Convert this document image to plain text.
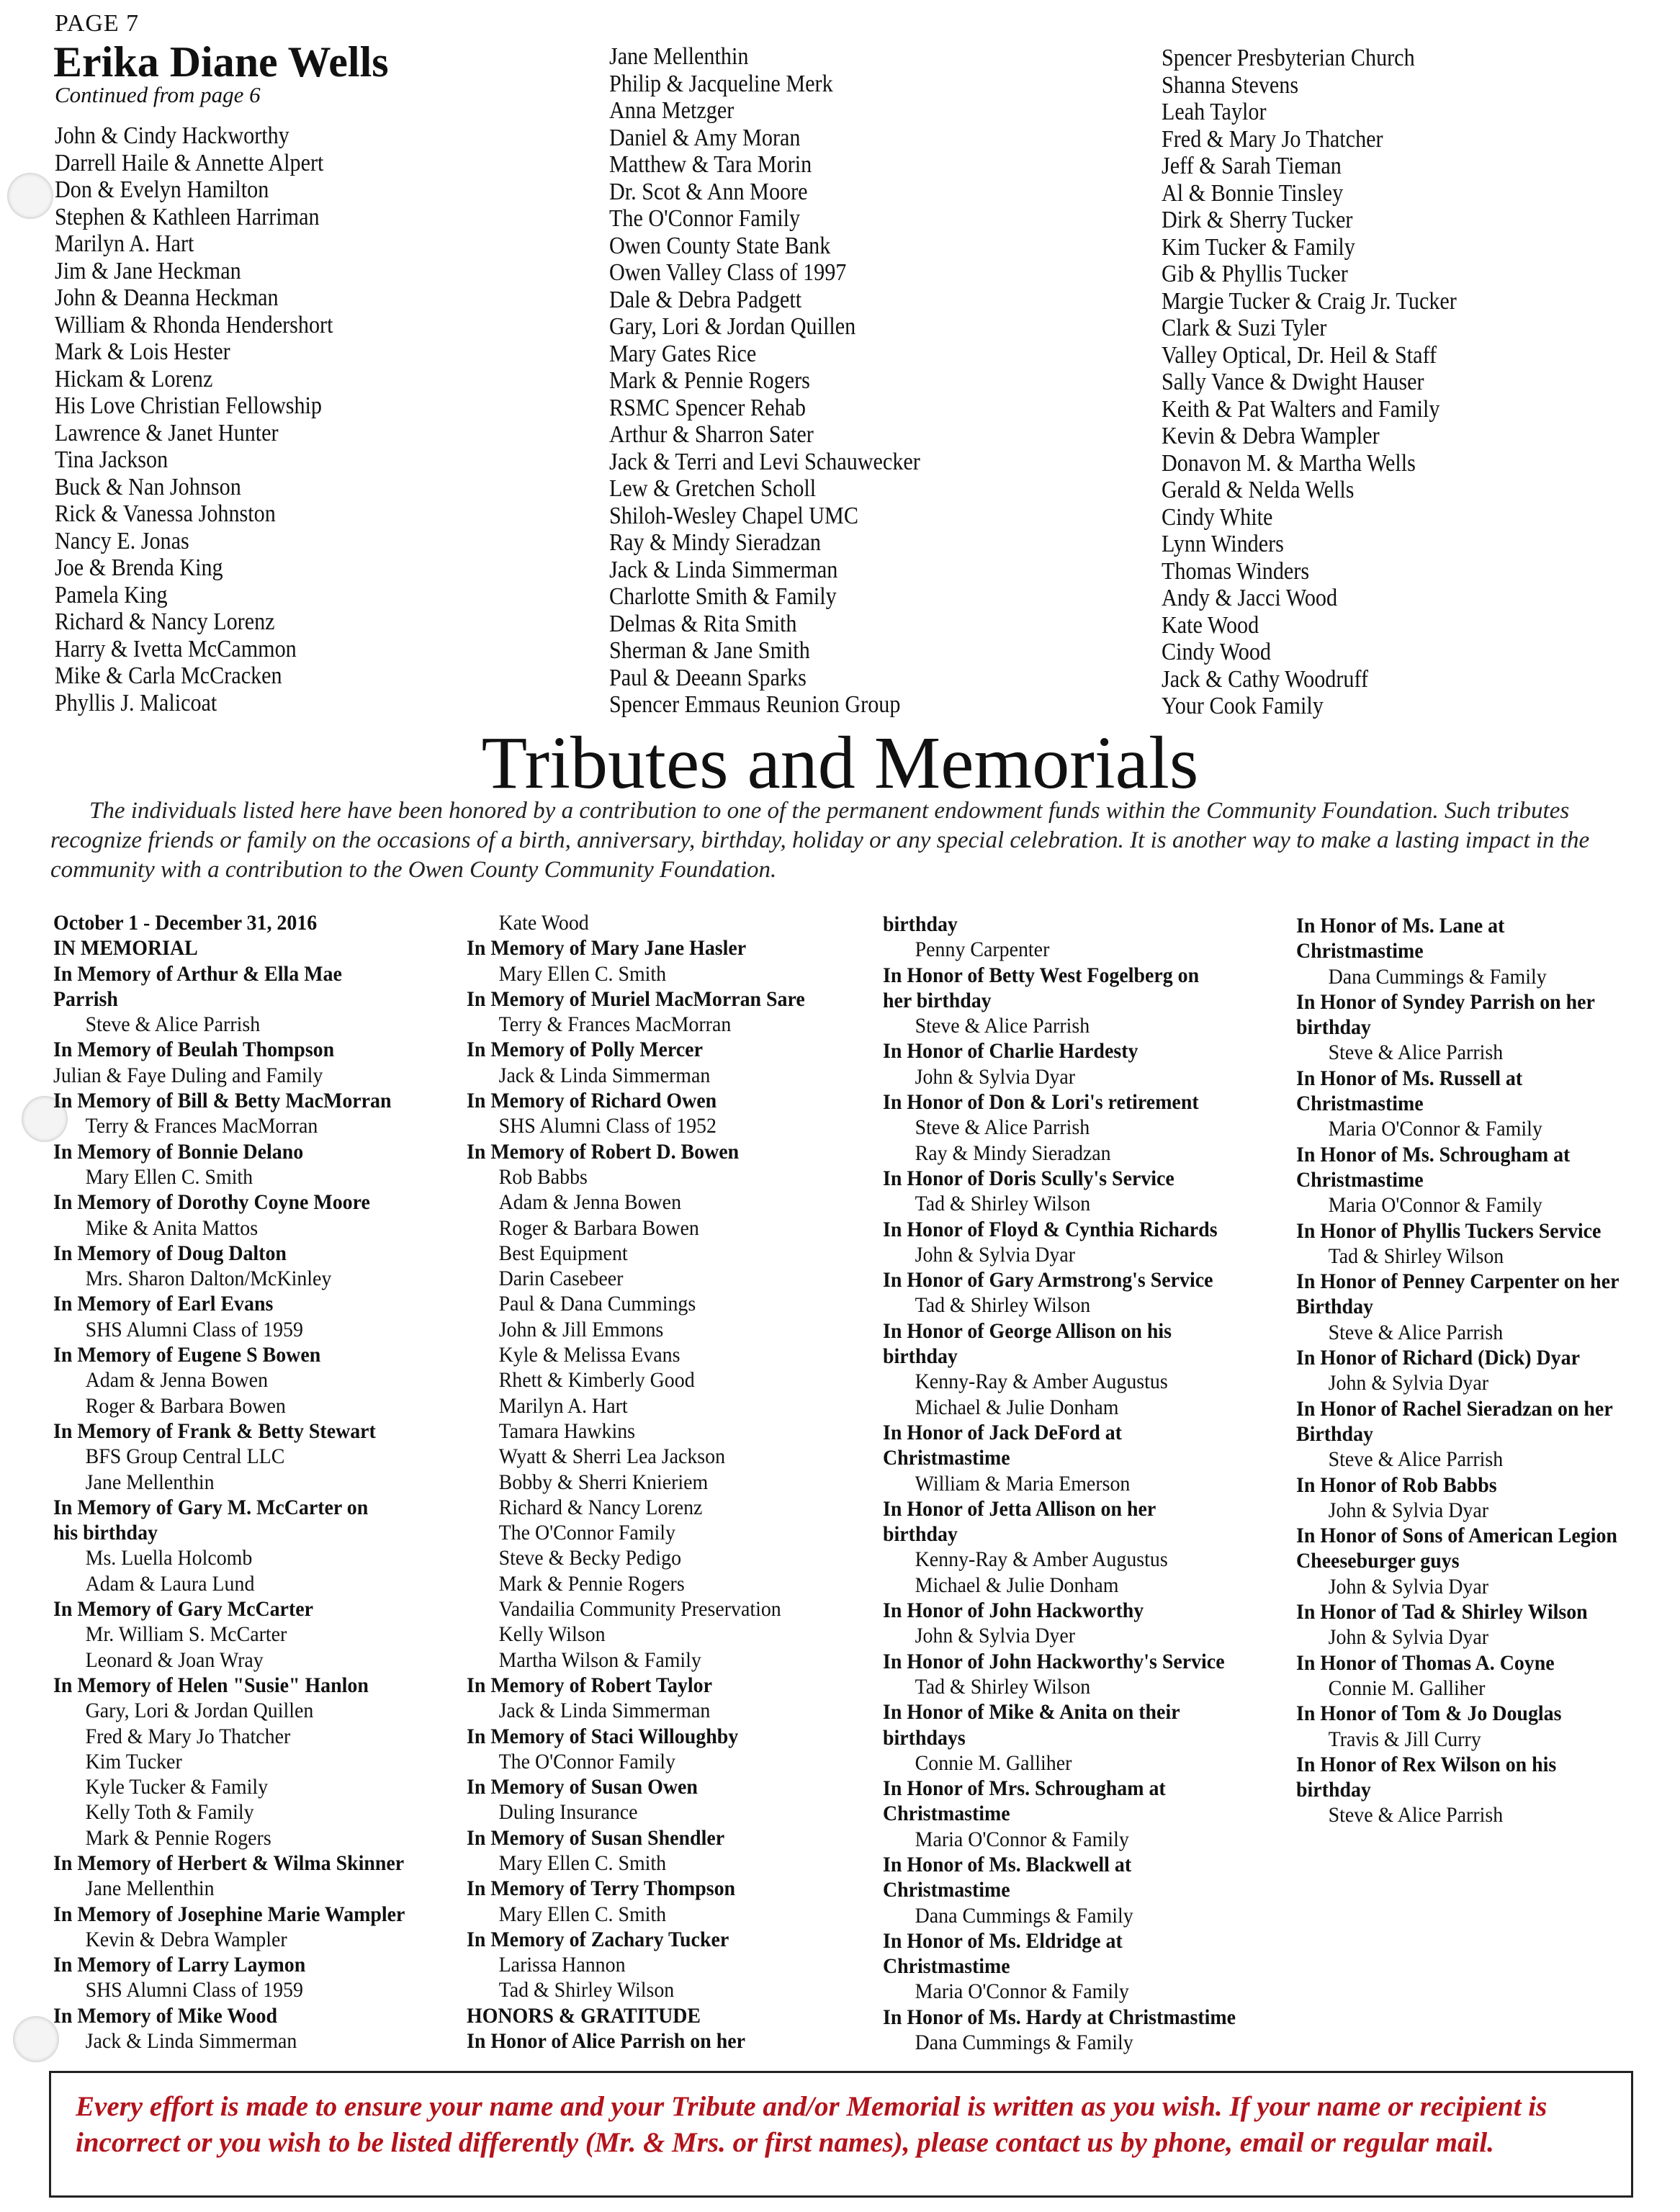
PAGE 7
Erika Diane Wells
Continued from page 6
John & Cindy Hackworthy
Darrell Haile & Annette Alpert
Don & Evelyn Hamilton
Stephen & Kathleen Harriman
Marilyn A. Hart
Jim & Jane Heckman
John & Deanna Heckman
William & Rhonda Hendershort
Mark & Lois Hester
Hickam & Lorenz
His Love Christian Fellowship
Lawrence & Janet Hunter
Tina Jackson
Buck & Nan Johnson
Rick & Vanessa Johnston
Nancy E. Jonas
Joe & Brenda King
Pamela King
Richard & Nancy Lorenz
Harry & Ivetta McCammon
Mike & Carla McCracken
Phyllis J. Malicoat
Jane Mellenthin
Philip & Jacqueline Merk
Anna Metzger
Daniel & Amy Moran
Matthew & Tara Morin
Dr. Scot & Ann Moore
The O'Connor Family
Owen County State Bank
Owen Valley Class of 1997
Dale & Debra Padgett
Gary, Lori & Jordan Quillen
Mary Gates Rice
Mark & Pennie Rogers
RSMC Spencer Rehab
Arthur & Sharron Sater
Jack & Terri and Levi Schauwecker
Lew & Gretchen Scholl
Shiloh-Wesley Chapel UMC
Ray & Mindy Sieradzan
Jack & Linda Simmerman
Charlotte Smith & Family
Delmas & Rita Smith
Sherman & Jane Smith
Paul & Deeann Sparks
Spencer Emmaus Reunion Group
Spencer Presbyterian Church
Shanna Stevens
Leah Taylor
Fred & Mary Jo Thatcher
Jeff & Sarah Tieman
Al & Bonnie Tinsley
Dirk & Sherry Tucker
Kim Tucker & Family
Gib & Phyllis Tucker
Margie Tucker & Craig Jr. Tucker
Clark & Suzi Tyler
Valley Optical, Dr. Heil & Staff
Sally Vance & Dwight Hauser
Keith & Pat Walters and Family
Kevin & Debra Wampler
Donavon M. & Martha Wells
Gerald & Nelda Wells
Cindy White
Lynn Winders
Thomas Winders
Andy & Jacci Wood
Kate Wood
Cindy Wood
Jack & Cathy Woodruff
Your Cook Family
Tributes and Memorials

The individuals listed here have been honored by a contribution to one of the permanent endowment funds within the Community Foundation. Such tributes recognize friends or family on the occasions of a birth, anniversary, birthday, holiday or any special celebration. It is another way to make a lasting impact in the community with a contribution to the Owen County Community Foundation.

October 1 - December 31, 2016
IN MEMORIAL
In Memory of Arthur & Ella Mae
Parrish
Steve & Alice Parrish
In Memory of Beulah Thompson
Julian & Faye Duling and Family
In Memory of Bill & Betty MacMorran
Terry & Frances MacMorran
In Memory of Bonnie Delano
Mary Ellen C. Smith
In Memory of Dorothy Coyne Moore
Mike & Anita Mattos
In Memory of Doug Dalton
Mrs. Sharon Dalton/McKinley
In Memory of Earl Evans
SHS Alumni Class of 1959
In Memory of Eugene S Bowen
Adam & Jenna Bowen
Roger & Barbara Bowen
In Memory of Frank & Betty Stewart
BFS Group Central LLC
Jane Mellenthin
In Memory of Gary M. McCarter on
his birthday
Ms. Luella Holcomb
Adam & Laura Lund
In Memory of Gary McCarter
Mr. William S. McCarter
Leonard & Joan Wray
In Memory of Helen "Susie" Hanlon
Gary, Lori & Jordan Quillen
Fred & Mary Jo Thatcher
Kim Tucker
Kyle Tucker & Family
Kelly Toth & Family
Mark & Pennie Rogers
In Memory of Herbert & Wilma Skinner
Jane Mellenthin
In Memory of Josephine Marie Wampler
Kevin & Debra Wampler
In Memory of Larry Laymon
SHS Alumni Class of 1959
In Memory of Mike Wood
Jack & Linda Simmerman
Kate Wood
In Memory of Mary Jane Hasler
Mary Ellen C. Smith
In Memory of Muriel MacMorran Sare
Terry & Frances MacMorran
In Memory of Polly Mercer
Jack & Linda Simmerman
In Memory of Richard Owen
SHS Alumni Class of 1952
In Memory of Robert D. Bowen
Rob Babbs
Adam & Jenna Bowen
Roger & Barbara Bowen
Best Equipment
Darin Casebeer
Paul & Dana Cummings
John & Jill Emmons
Kyle & Melissa Evans
Rhett & Kimberly Good
Marilyn A. Hart
Tamara Hawkins
Wyatt & Sherri Lea Jackson
Bobby & Sherri Knieriem
Richard & Nancy Lorenz
The O'Connor Family
Steve & Becky Pedigo
Mark & Pennie Rogers
Vandailia Community Preservation
Kelly Wilson
Martha Wilson & Family
In Memory of Robert Taylor
Jack & Linda Simmerman
In Memory of Staci Willoughby
The O'Connor Family
In Memory of Susan Owen
Duling Insurance
In Memory of Susan Shendler
Mary Ellen C. Smith
In Memory of Terry Thompson
Mary Ellen C. Smith
In Memory of Zachary Tucker
Larissa Hannon
Tad & Shirley Wilson
HONORS & GRATITUDE
In Honor of Alice Parrish on her
birthday
Penny Carpenter
In Honor of Betty West Fogelberg on
her birthday
Steve & Alice Parrish
In Honor of Charlie Hardesty
John & Sylvia Dyar
In Honor of Don & Lori's retirement
Steve & Alice Parrish
Ray & Mindy Sieradzan
In Honor of Doris Scully's Service
Tad & Shirley Wilson
In Honor of Floyd & Cynthia Richards
John & Sylvia Dyar
In Honor of Gary Armstrong's Service
Tad & Shirley Wilson
In Honor of George Allison on his
birthday
Kenny-Ray & Amber Augustus
Michael & Julie Donham
In Honor of Jack DeFord at
Christmastime
William & Maria Emerson
In Honor of Jetta Allison on her
birthday
Kenny-Ray & Amber Augustus
Michael & Julie Donham
In Honor of John Hackworthy
John & Sylvia Dyer
In Honor of John Hackworthy's Service
Tad & Shirley Wilson
In Honor of Mike & Anita on their
birthdays
Connie M. Galliher
In Honor of Mrs. Schrougham at
Christmastime
Maria O'Connor & Family
In Honor of Ms. Blackwell at
Christmastime
Dana Cummings & Family
In Honor of Ms. Eldridge at
Christmastime
Maria O'Connor & Family
In Honor of Ms. Hardy at Christmastime
Dana Cummings & Family
In Honor of Ms. Lane at
Christmastime
Dana Cummings & Family
In Honor of Syndey Parrish on her
birthday
Steve & Alice Parrish
In Honor of Ms. Russell at
Christmastime
Maria O'Connor & Family
In Honor of Ms. Schrougham at
Christmastime
Maria O'Connor & Family
In Honor of Phyllis Tuckers Service
Tad & Shirley Wilson
In Honor of Penney Carpenter on her
Birthday
Steve & Alice Parrish
In Honor of Richard (Dick) Dyar
John & Sylvia Dyar
In Honor of Rachel Sieradzan on her
Birthday
Steve & Alice Parrish
In Honor of Rob Babbs
John & Sylvia Dyar
In Honor of Sons of American Legion
Cheeseburger guys
John & Sylvia Dyar
In Honor of Tad & Shirley Wilson
John & Sylvia Dyar
In Honor of Thomas A. Coyne
Connie M. Galliher
In Honor of Tom & Jo Douglas
Travis & Jill Curry
In Honor of Rex Wilson on his
birthday
Steve & Alice Parrish
Every effort is made to ensure your name and your Tribute and/or Memorial is written as you wish. If your name or recipient is incorrect or you wish to be listed differently (Mr. & Mrs. or first names), please contact us by phone, email or regular mail.
